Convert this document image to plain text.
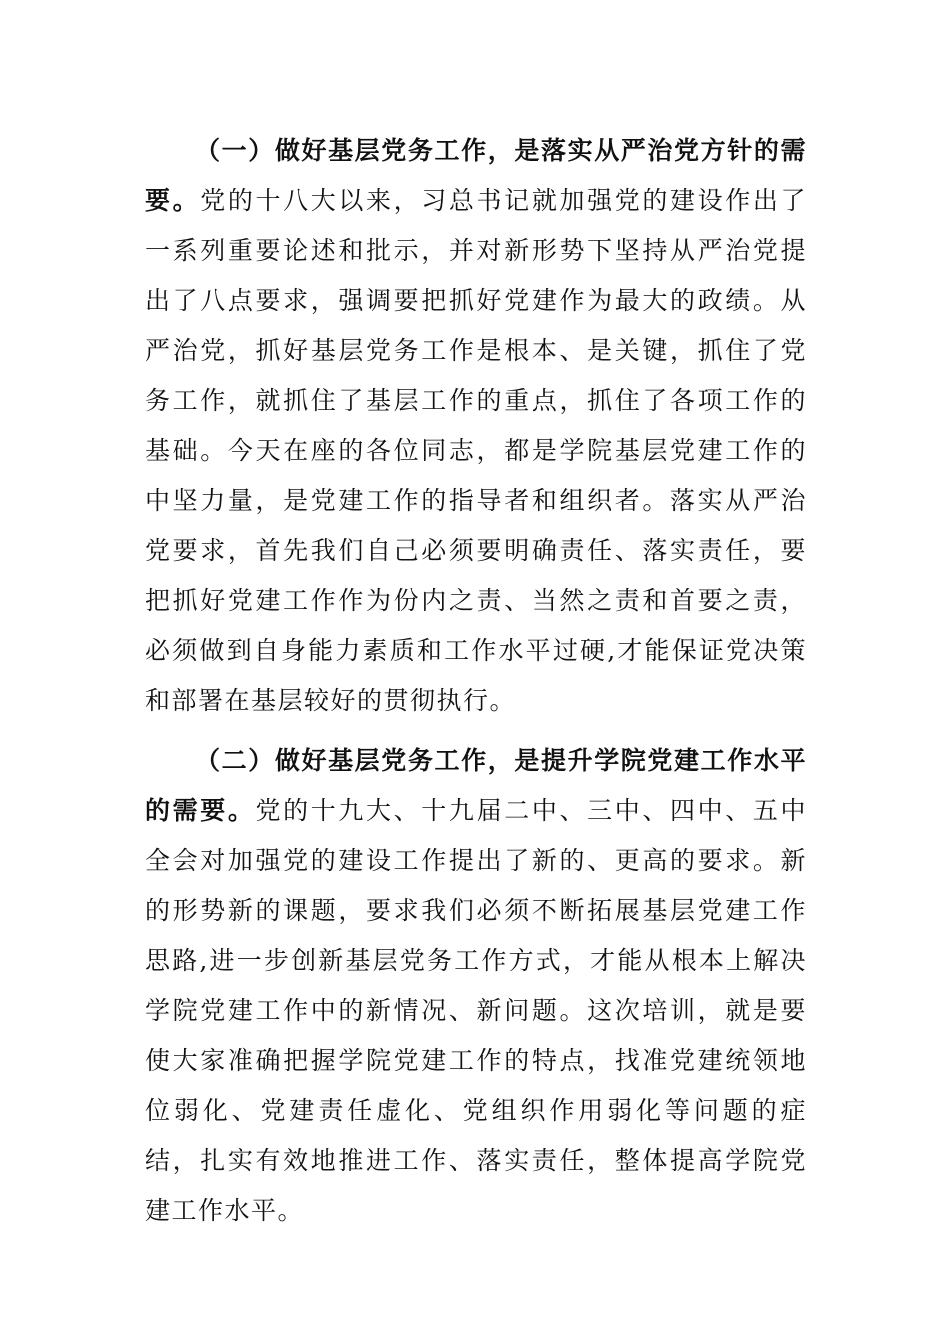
（一）做好基层党务工作，是落实从严治党方针的需要。党的十八大以来，习总书记就加强党的建设作出了一系列重要论述和批示，并对新形势下坚持从严治党提出了八点要求，强调要把抓好党建作为最大的政绩。从严治党，抓好基层党务工作是根本、是关键，抓住了党务工作，就抓住了基层工作的重点，抓住了各项工作的基础。今天在座的各位同志，都是学院基层党建工作的中坚力量，是党建工作的指导者和组织者。落实从严治党要求，首先我们自己必须要明确责任、落实责任，要把抓好党建工作作为份内之责、当然之责和首要之责，必须做到自身能力素质和工作水平过硬,才能保证党决策和部署在基层较好的贯彻执行。

（二）做好基层党务工作，是提升学院党建工作水平的需要。党的十九大、十九届二中、三中、四中、五中全会对加强党的建设工作提出了新的、更高的要求。新的形势新的课题，要求我们必须不断拓展基层党建工作思路,进一步创新基层党务工作方式，才能从根本上解决学院党建工作中的新情况、新问题。这次培训，就是要使大家准确把握学院党建工作的特点，找准党建统领地位弱化、党建责任虚化、党组织作用弱化等问题的症结，扎实有效地推进工作、落实责任，整体提高学院党建工作水平。
